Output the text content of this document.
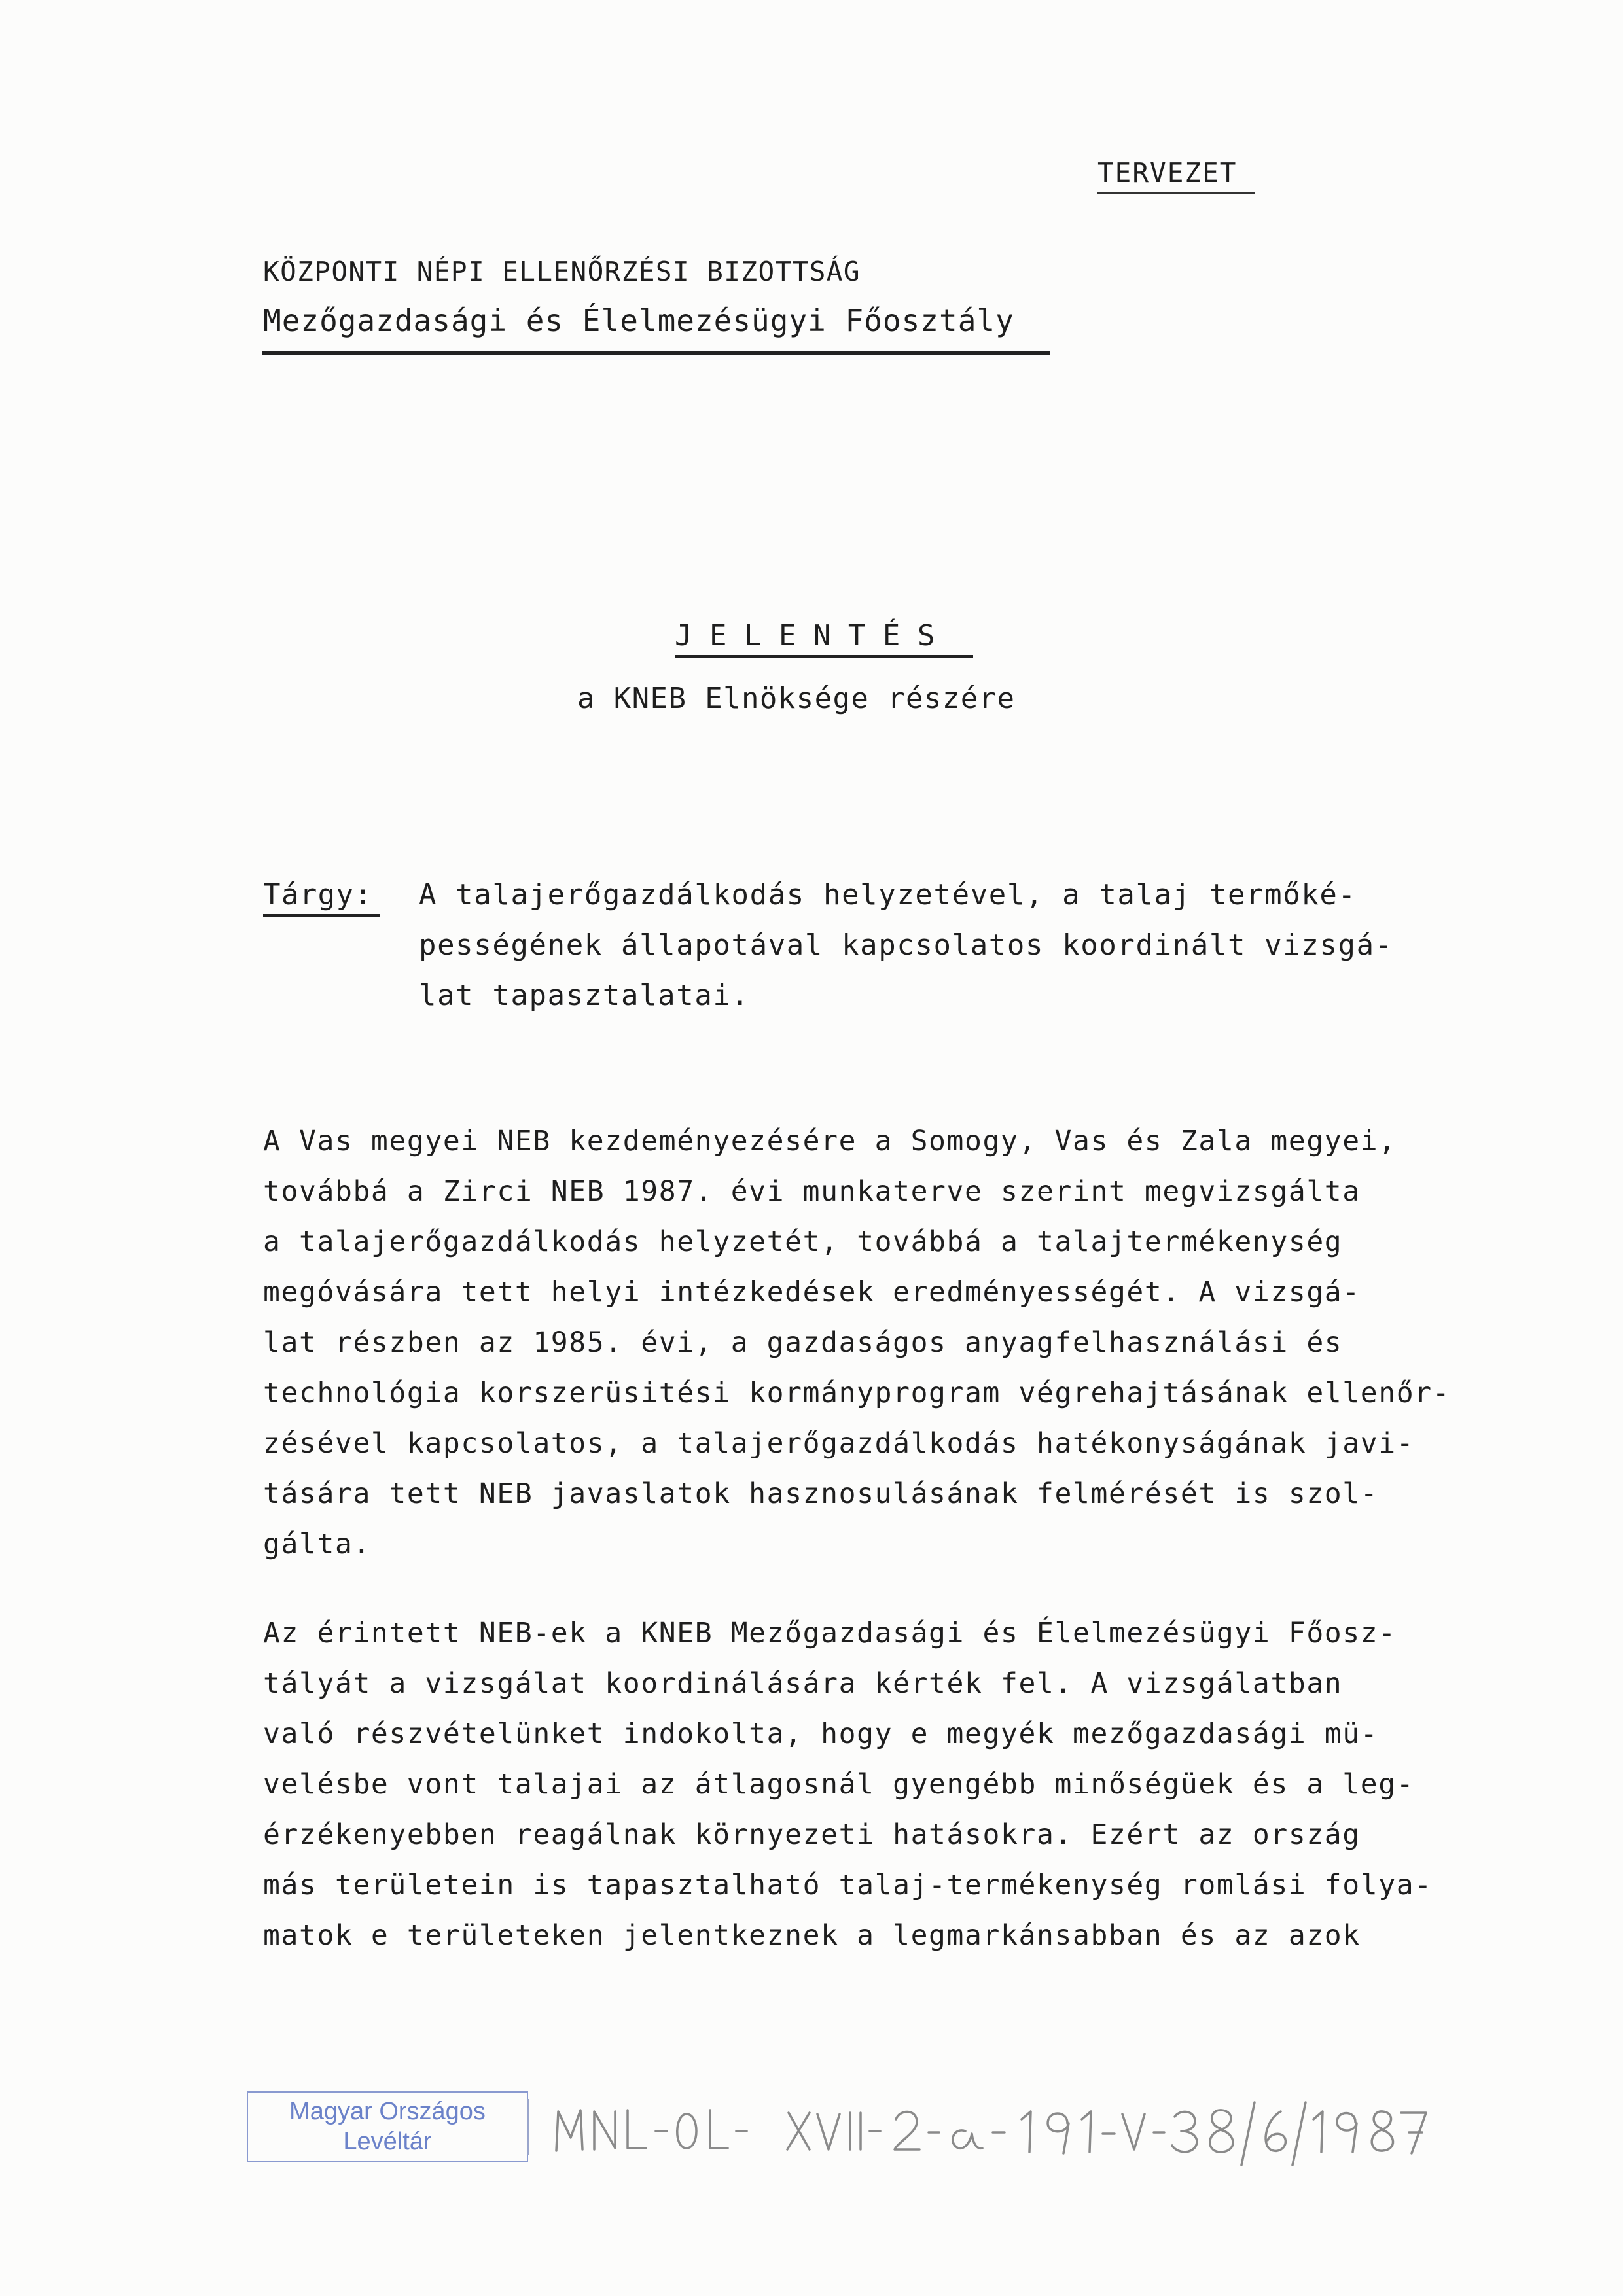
TERVEZET
KÖZPONTI NÉPI ELLENŐRZÉSI BIZOTTSÁG
Mezőgazdasági és Élelmezésügyi Főosztály
J E L E N T É S
a KNEB Elnöksége részére
Tárgy: A talajerőgazdálkodás helyzetével, a talaj termőké-
pességének állapotával kapcsolatos koordinált vizsgá-
lat tapasztalatai.
A Vas megyei NEB kezdeményezésére a Somogy, Vas és Zala megyei,
továbbá a Zirci NEB 1987. évi munkaterve szerint megvizsgálta
a talajerőgazdálkodás helyzetét, továbbá a talajtermékenység
megóvására tett helyi intézkedések eredményességét. A vizsgá-
lat részben az 1985. évi, a gazdaságos anyagfelhasználási és
technológia korszerüsitési kormányprogram végrehajtásának ellenőr-
zésével kapcsolatos, a talajerőgazdálkodás hatékonyságának javi-
tására tett NEB javaslatok hasznosulásának felmérését is szol-
gálta.
Az érintett NEB-ek a KNEB Mezőgazdasági és Élelmezésügyi Főosz-
tályát a vizsgálat koordinálására kérték fel. A vizsgálatban
való részvételünket indokolta, hogy e megyék mezőgazdasági mü-
velésbe vont talajai az átlagosnál gyengébb minőségüek és a leg-
érzékenyebben reagálnak környezeti hatásokra. Ezért az ország
más területein is tapasztalható talaj-termékenység romlási folya-
matok e területeken jelentkeznek a legmarkánsabban és az azok
Magyar Országos
Levéltár
